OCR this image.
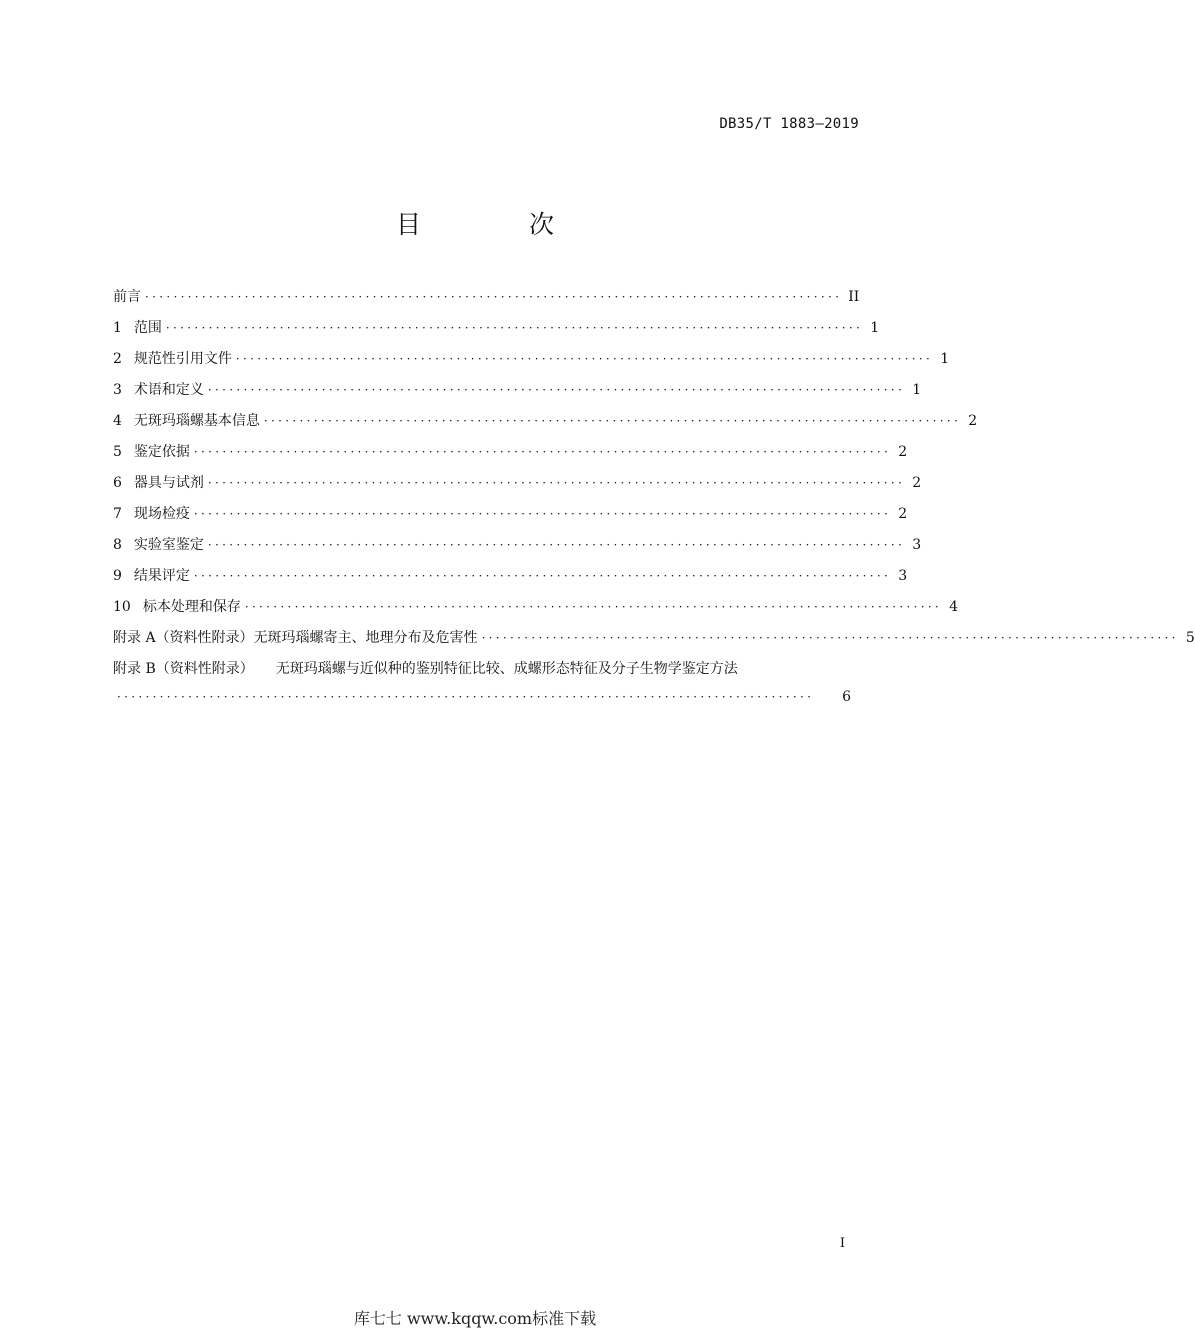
DB35/T 1883—2019
目 次
前言 ·································································································· II
1 范围 ·································································································· 1
2 规范性引用文件 ·································································································· 1
3 术语和定义 ·································································································· 1
4 无斑玛瑙螺基本信息 ·································································································· 2
5 鉴定依据 ·································································································· 2
6 器具与试剂 ·································································································· 2
7 现场检疫 ·································································································· 2
8 实验室鉴定 ·································································································· 3
9 结果评定 ·································································································· 3
10 标本处理和保存 ·································································································· 4
附录 A（资料性附录） 无斑玛瑙螺寄主、地理分布及危害性 ·································································································· 5
附录 B（资料性附录） 无斑玛瑙螺与近似种的鉴别特征比较、成螺形态特征及分子生物学鉴定方法
··································································································	6
I
库七七 www.kqqw.com标准下载
